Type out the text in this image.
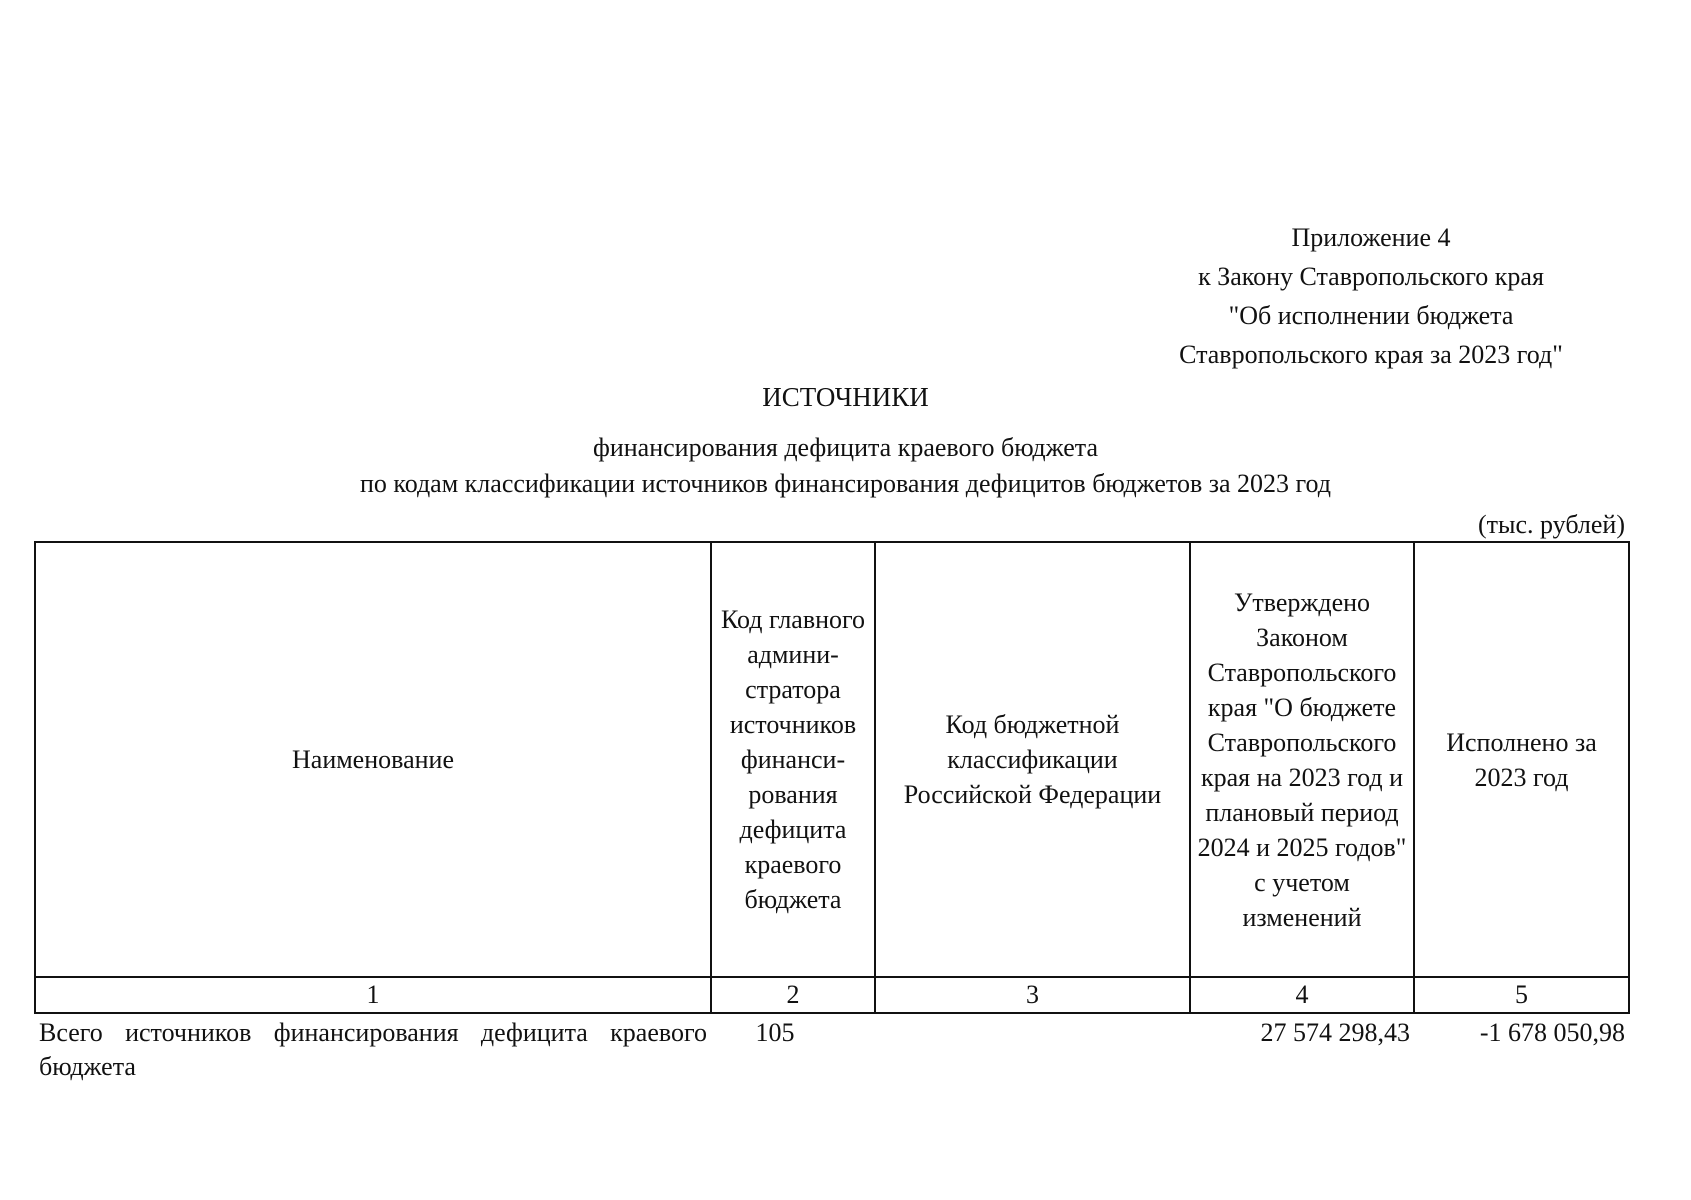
Приложение 4
к Закону Ставропольского края
"Об исполнении бюджета
Ставропольского края за 2023 год"
ИСТОЧНИКИ
финансирования дефицита краевого бюджета
по кодам классификации источников финансирования дефицитов бюджетов за 2023 год
(тыс. рублей)
Наименование	Код главного админи-стратора источников финанси-рования дефицита краевого бюджета	Код бюджетной классификации Российской Федерации	Утверждено Законом Ставропольского края "О бюджете Ставропольского края на 2023 год и плановый период 2024 и 2025 годов" с учетом изменений	Исполнено за 2023 год
1	2	3	4	5
Всего источников финансирования дефицита краевого бюджета	105		27 574 298,43	-1 678 050,98
